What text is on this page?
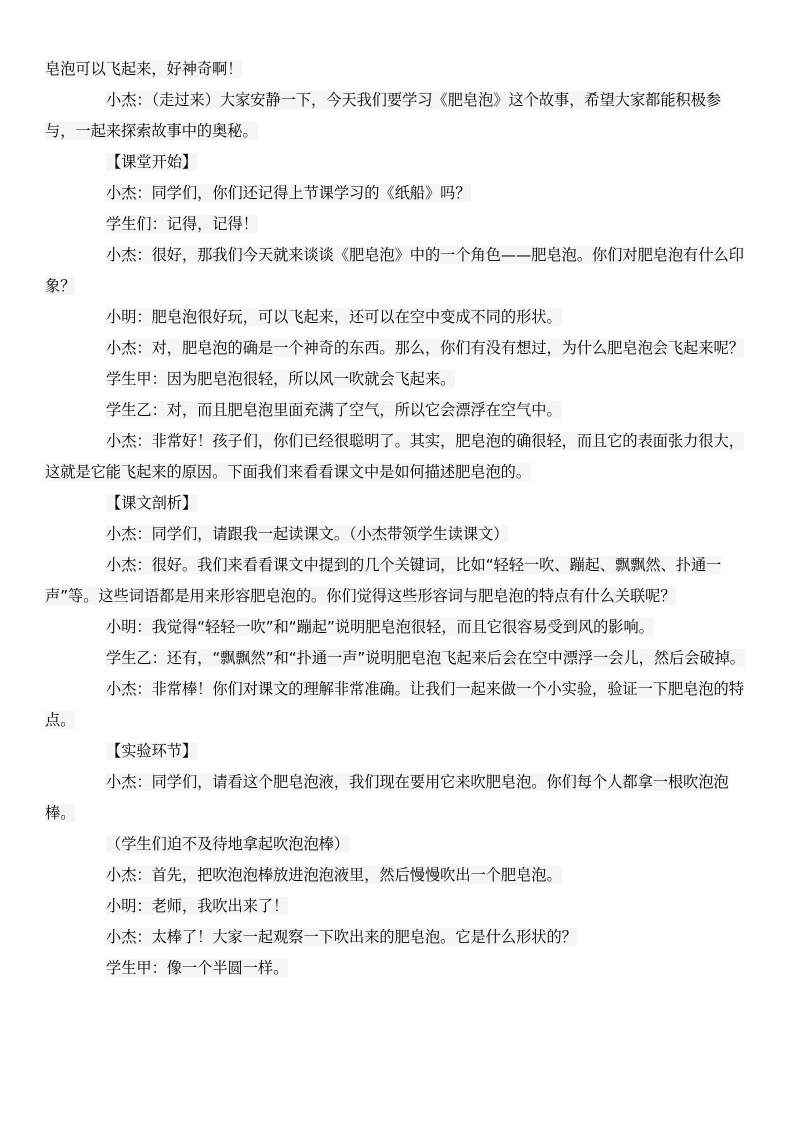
皂泡可以飞起来，好神奇啊！

小杰：（走过来）大家安静一下，今天我们要学习《肥皂泡》这个故事，希望大家都能积极参与，一起来探索故事中的奥秘。

【课堂开始】

小杰：同学们，你们还记得上节课学习的《纸船》吗？

学生们：记得，记得！

小杰：很好，那我们今天就来谈谈《肥皂泡》中的一个角色——肥皂泡。你们对肥皂泡有什么印象？

小明：肥皂泡很好玩，可以飞起来，还可以在空中变成不同的形状。

小杰：对，肥皂泡的确是一个神奇的东西。那么，你们有没有想过，为什么肥皂泡会飞起来呢？

学生甲：因为肥皂泡很轻，所以风一吹就会飞起来。

学生乙：对，而且肥皂泡里面充满了空气，所以它会漂浮在空气中。

小杰：非常好！孩子们，你们已经很聪明了。其实，肥皂泡的确很轻，而且它的表面张力很大，这就是它能飞起来的原因。下面我们来看看课文中是如何描述肥皂泡的。

【课文剖析】

小杰：同学们，请跟我一起读课文。（小杰带领学生读课文）

小杰：很好。我们来看看课文中提到的几个关键词，比如“轻轻一吹、蹦起、飘飘然、扑通一声”等。这些词语都是用来形容肥皂泡的。你们觉得这些形容词与肥皂泡的特点有什么关联呢？

小明：我觉得“轻轻一吹”和“蹦起”说明肥皂泡很轻，而且它很容易受到风的影响。

学生乙：还有，“飘飘然”和“扑通一声”说明肥皂泡飞起来后会在空中漂浮一会儿，然后会破掉。

小杰：非常棒！你们对课文的理解非常准确。让我们一起来做一个小实验，验证一下肥皂泡的特点。

【实验环节】

小杰：同学们，请看这个肥皂泡液，我们现在要用它来吹肥皂泡。你们每个人都拿一根吹泡泡棒。

（学生们迫不及待地拿起吹泡泡棒）

小杰：首先，把吹泡泡棒放进泡泡液里，然后慢慢吹出一个肥皂泡。

小明：老师，我吹出来了！

小杰：太棒了！大家一起观察一下吹出来的肥皂泡。它是什么形状的？

学生甲：像一个半圆一样。
